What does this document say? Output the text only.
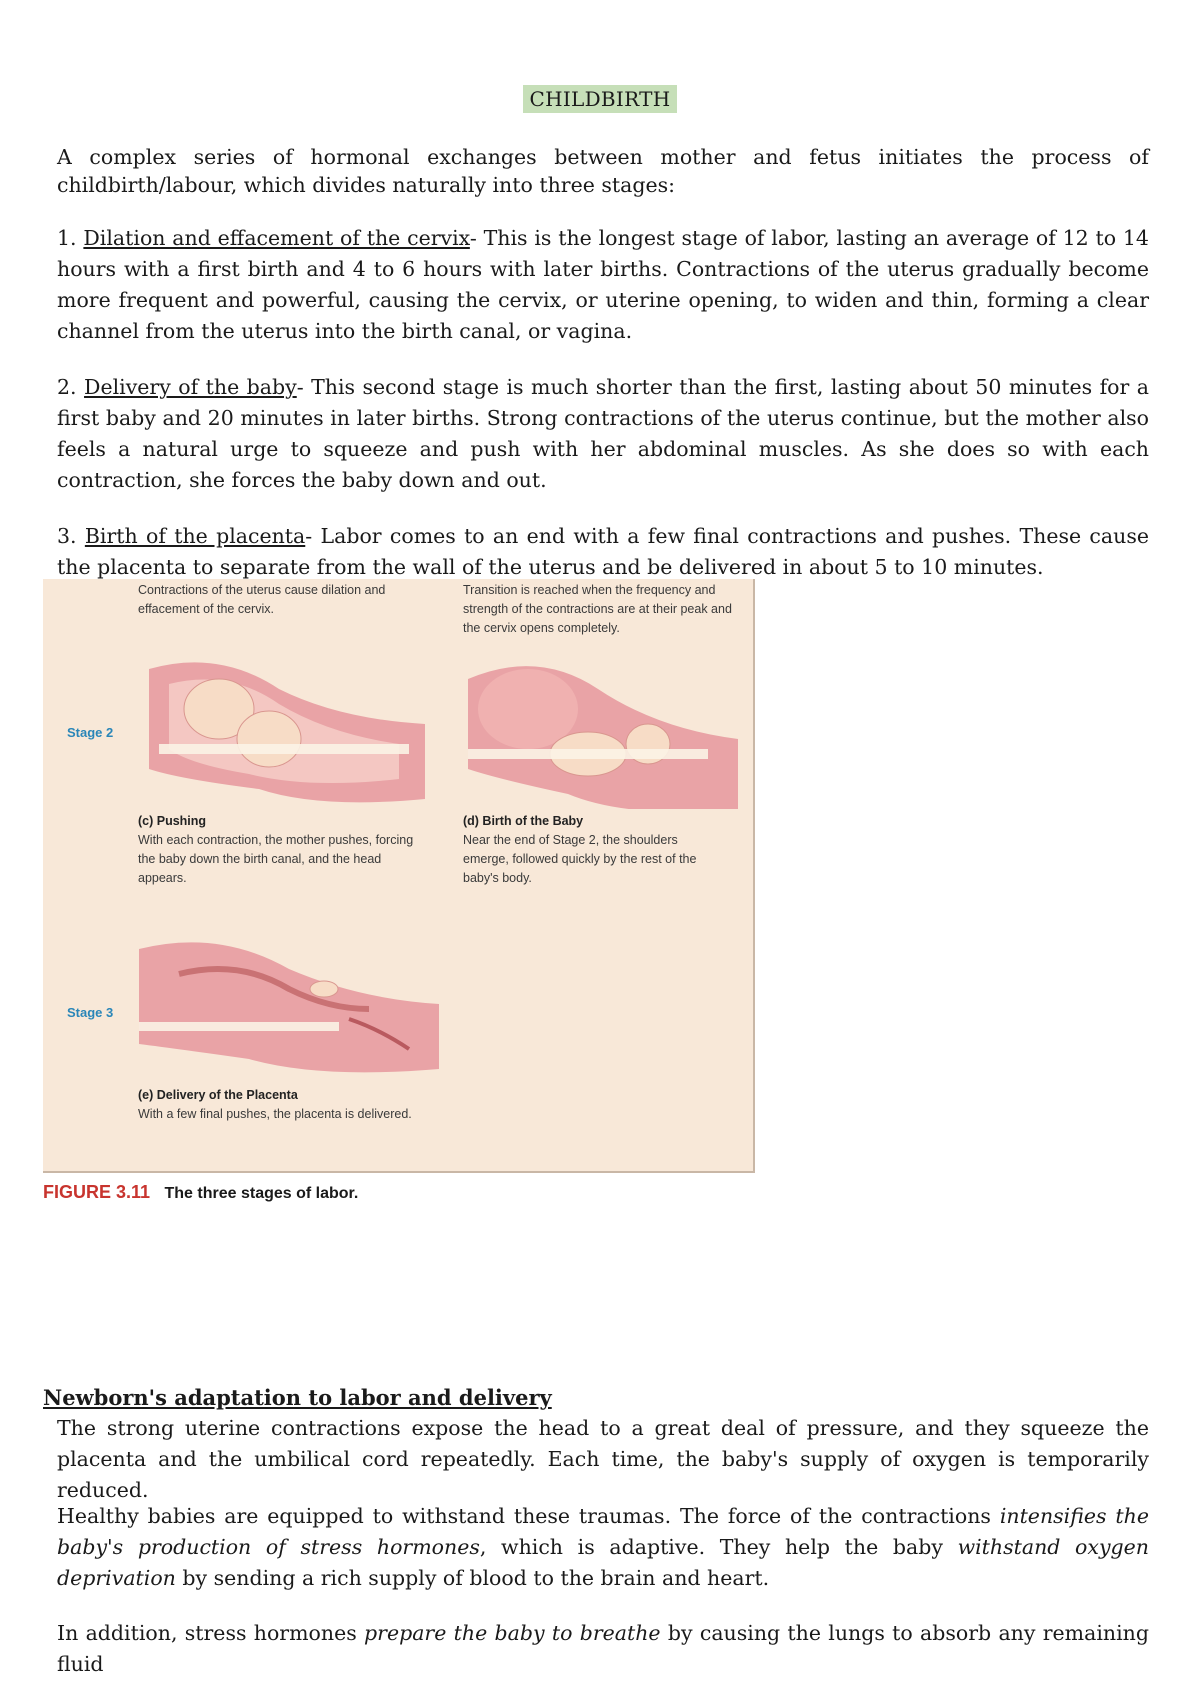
CHILDBIRTH

A complex series of hormonal exchanges between mother and fetus initiates the process of childbirth/labour, which divides naturally into three stages:

1. Dilation and effacement of the cervix- This is the longest stage of labor, lasting an average of 12 to 14 hours with a first birth and 4 to 6 hours with later births. Contractions of the uterus gradually become more frequent and powerful, causing the cervix, or uterine opening, to widen and thin, forming a clear channel from the uterus into the birth canal, or vagina.

2. Delivery of the baby- This second stage is much shorter than the first, lasting about 50 minutes for a first baby and 20 minutes in later births. Strong contractions of the uterus continue, but the mother also feels a natural urge to squeeze and push with her abdominal muscles. As she does so with each contraction, she forces the baby down and out.

3. Birth of the placenta- Labor comes to an end with a few final contractions and pushes. These cause the placenta to separate from the wall of the uterus and be delivered in about 5 to 10 minutes.

Contractions of the uterus cause dilation and effacement of the cervix.
Transition is reached when the frequency and strength of the contractions are at their peak and the cervix opens completely.
Stage 2
(c) Pushing
With each contraction, the mother pushes, forcing the baby down the birth canal, and the head appears.
(d) Birth of the Baby
Near the end of Stage 2, the shoulders emerge, followed quickly by the rest of the baby's body.
Stage 3
(e) Delivery of the Placenta
With a few final pushes, the placenta is delivered.
FIGURE 3.11 The three stages of labor.
Newborn's adaptation to labor and delivery

The strong uterine contractions expose the head to a great deal of pressure, and they squeeze the placenta and the umbilical cord repeatedly. Each time, the baby's supply of oxygen is temporarily reduced.

Healthy babies are equipped to withstand these traumas. The force of the contractions intensifies the baby's production of stress hormones, which is adaptive. They help the baby withstand oxygen deprivation by sending a rich supply of blood to the brain and heart.

In addition, stress hormones prepare the baby to breathe by causing the lungs to absorb any remaining fluid
